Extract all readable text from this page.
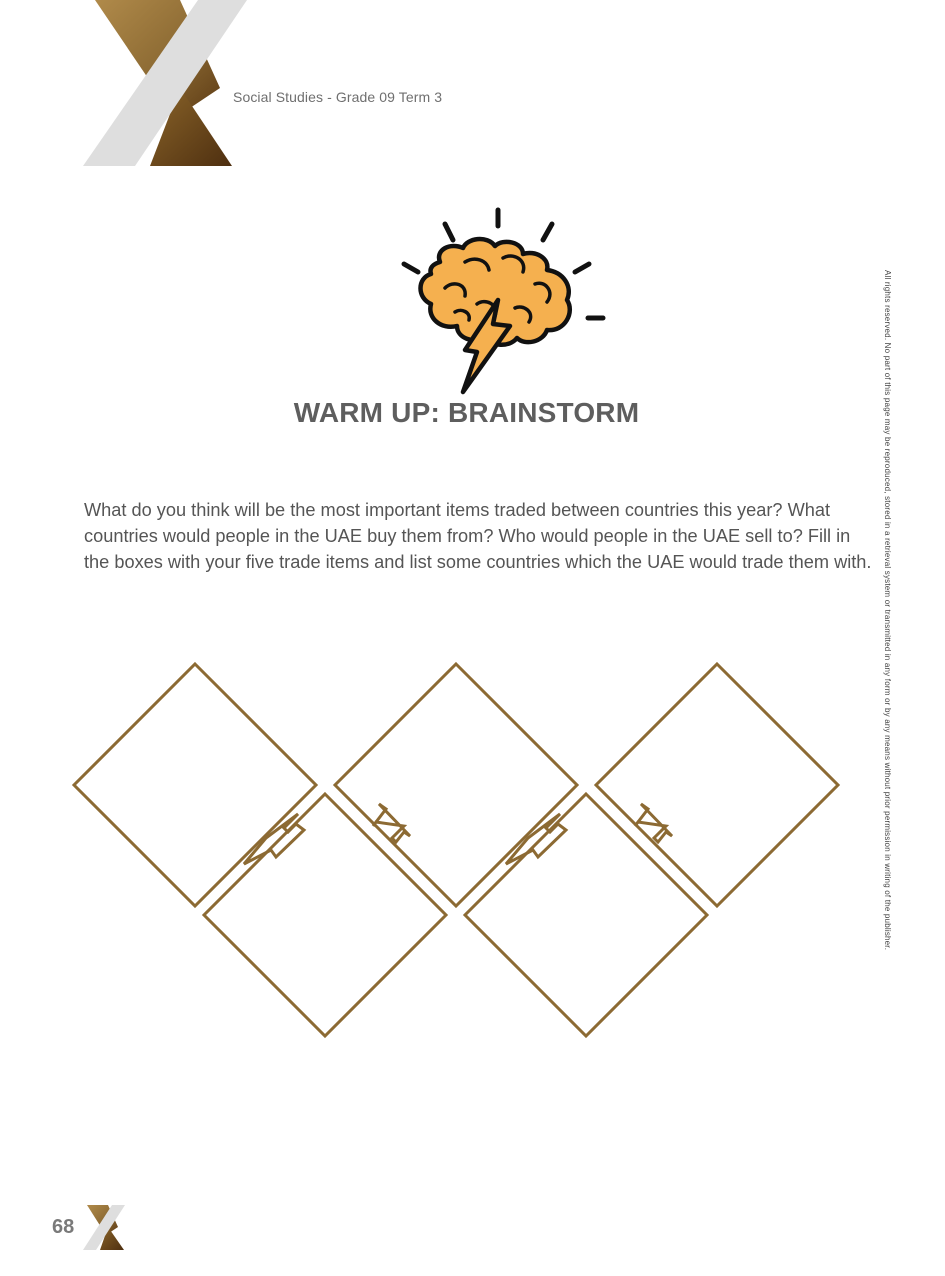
Social Studies - Grade 09 Term 3
WARM UP: BRAINSTORM
What do you think will be the most important items traded between countries this year? What countries would people in the UAE buy them from? Who would people in the UAE sell to? Fill in the boxes with your five trade items and list some countries which the UAE would trade them with.	All rights reserved. No part of this page may be reproduced, stored in a retrieval system or transmitted in any form or by any means without prior permission in writing of the publisher.
68
